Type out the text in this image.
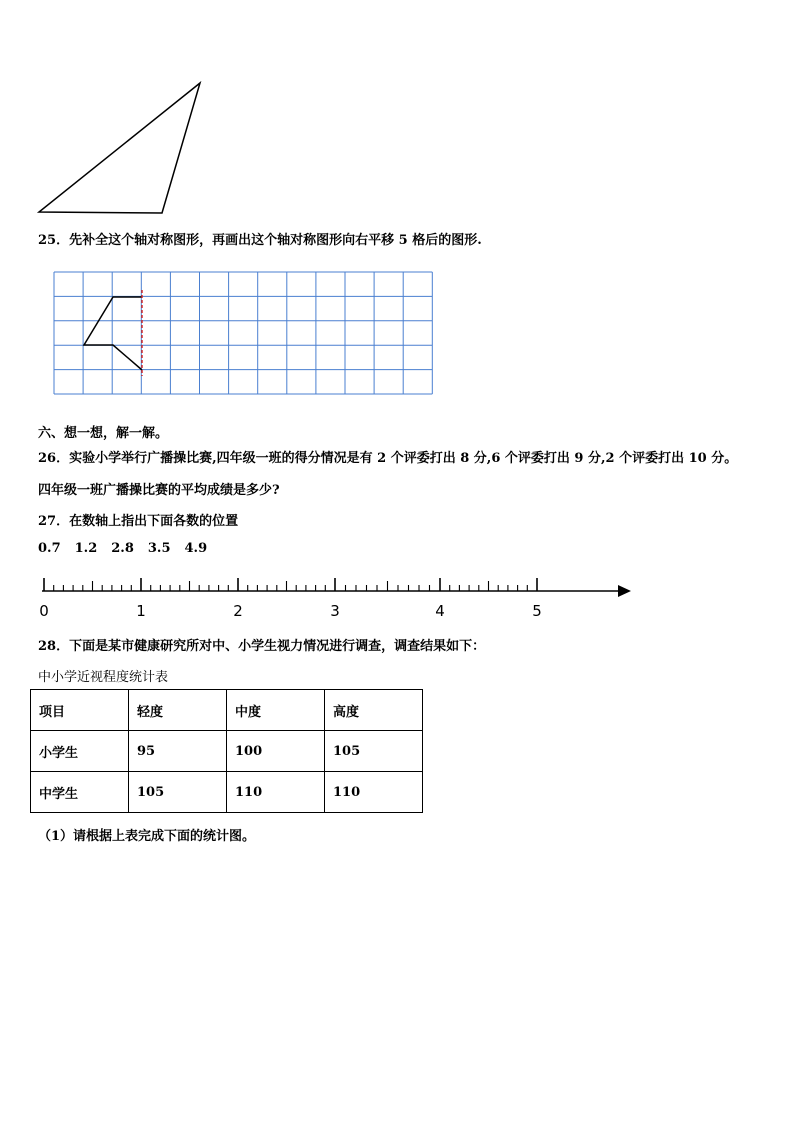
25．先补全这个轴对称图形，再画出这个轴对称图形向右平移 5 格后的图形.
六、想一想，解一解。
26．实验小学举行广播操比赛,四年级一班的得分情况是有 2 个评委打出 8 分,6 个评委打出 9 分,2 个评委打出 10 分。
四年级一班广播操比赛的平均成绩是多少?
27．在数轴上指出下面各数的位置
0.7 1.2 2.8 3.5 4.9
0	1	2	3	4	5
28．下面是某市健康研究所对中、小学生视力情况进行调查，调查结果如下：
中小学近视程度统计表
项目	轻度	中度	高度
小学生	95	100	105
中学生	105	110	110
（1）请根据上表完成下面的统计图。
